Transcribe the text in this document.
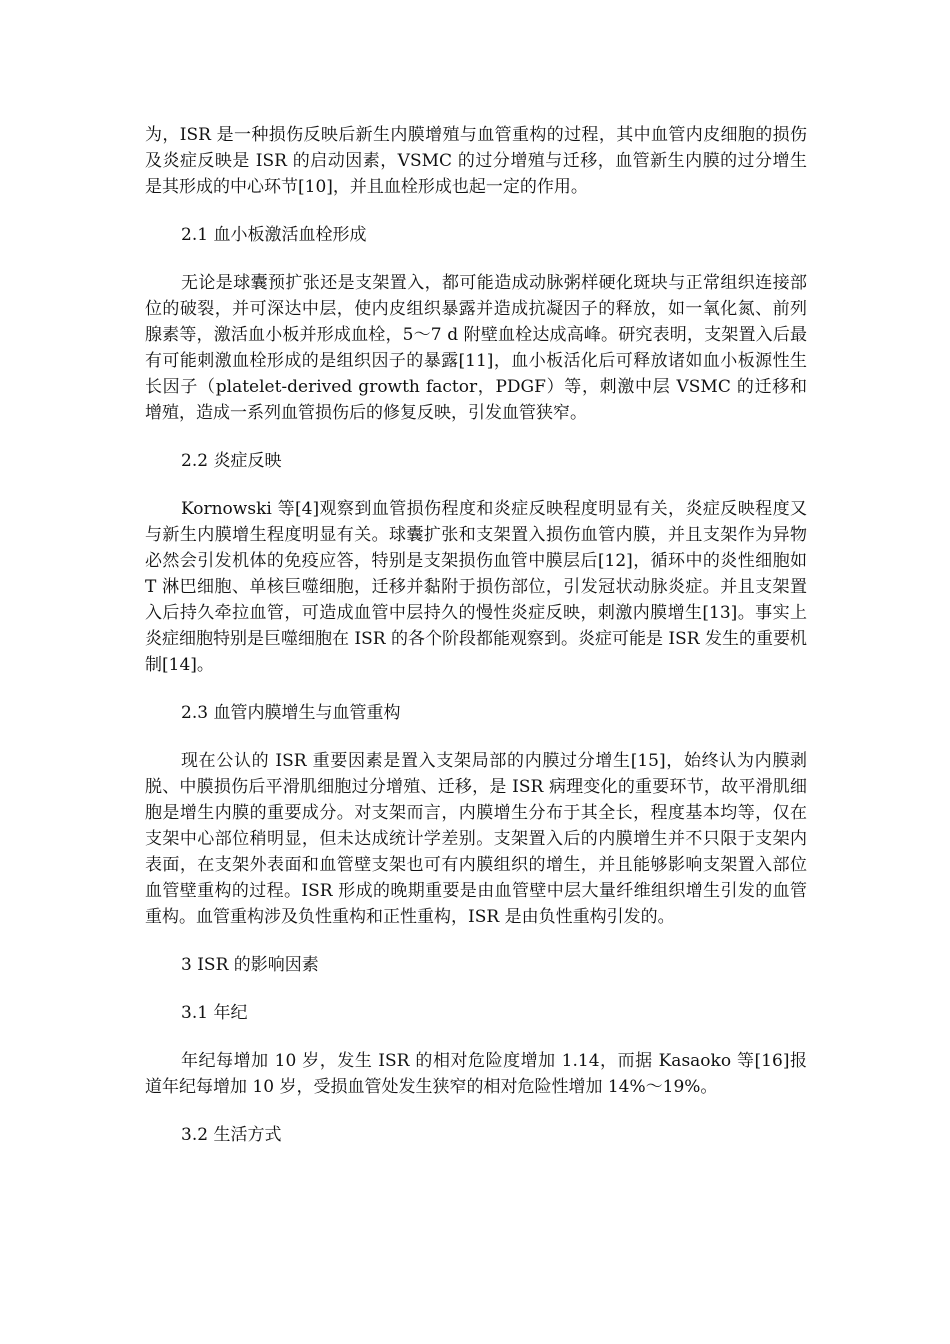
为，ISR 是一种损伤反映后新生内膜增殖与血管重构的过程，其中血管内皮细胞的损伤及炎症反映是 ISR 的启动因素，VSMC 的过分增殖与迁移，血管新生内膜的过分增生是其形成的中心环节[10]，并且血栓形成也起一定的作用。

2.1 血小板激活血栓形成

无论是球囊预扩张还是支架置入，都可能造成动脉粥样硬化斑块与正常组织连接部位的破裂，并可深达中层，使内皮组织暴露并造成抗凝因子的释放，如一氧化氮、前列腺素等，激活血小板并形成血栓，5～7 d 附壁血栓达成高峰。研究表明，支架置入后最有可能刺激血栓形成的是组织因子的暴露[11]，血小板活化后可释放诸如血小板源性生长因子（platelet-derived growth factor，PDGF）等，刺激中层 VSMC 的迁移和增殖，造成一系列血管损伤后的修复反映，引发血管狭窄。

2.2 炎症反映

Kornowski 等[4]观察到血管损伤程度和炎症反映程度明显有关，炎症反映程度又与新生内膜增生程度明显有关。球囊扩张和支架置入损伤血管内膜，并且支架作为异物必然会引发机体的免疫应答，特别是支架损伤血管中膜层后[12]，循环中的炎性细胞如 T 淋巴细胞、单核巨噬细胞，迁移并黏附于损伤部位，引发冠状动脉炎症。并且支架置入后持久牵拉血管，可造成血管中层持久的慢性炎症反映，刺激内膜增生[13]。事实上炎症细胞特别是巨噬细胞在 ISR 的各个阶段都能观察到。炎症可能是 ISR 发生的重要机制[14]。

2.3 血管内膜增生与血管重构

现在公认的 ISR 重要因素是置入支架局部的内膜过分增生[15]，始终认为内膜剥脱、中膜损伤后平滑肌细胞过分增殖、迁移，是 ISR 病理变化的重要环节，故平滑肌细胞是增生内膜的重要成分。对支架而言，内膜增生分布于其全长，程度基本均等，仅在支架中心部位稍明显，但未达成统计学差别。支架置入后的内膜增生并不只限于支架内表面，在支架外表面和血管壁支架也可有内膜组织的增生，并且能够影响支架置入部位血管壁重构的过程。ISR 形成的晚期重要是由血管壁中层大量纤维组织增生引发的血管重构。血管重构涉及负性重构和正性重构，ISR 是由负性重构引发的。

3 ISR 的影响因素

3.1 年纪

年纪每增加 10 岁，发生 ISR 的相对危险度增加 1.14，而据 Kasaoko 等[16]报道年纪每增加 10 岁，受损血管处发生狭窄的相对危险性增加 14%～19%。

3.2 生活方式
